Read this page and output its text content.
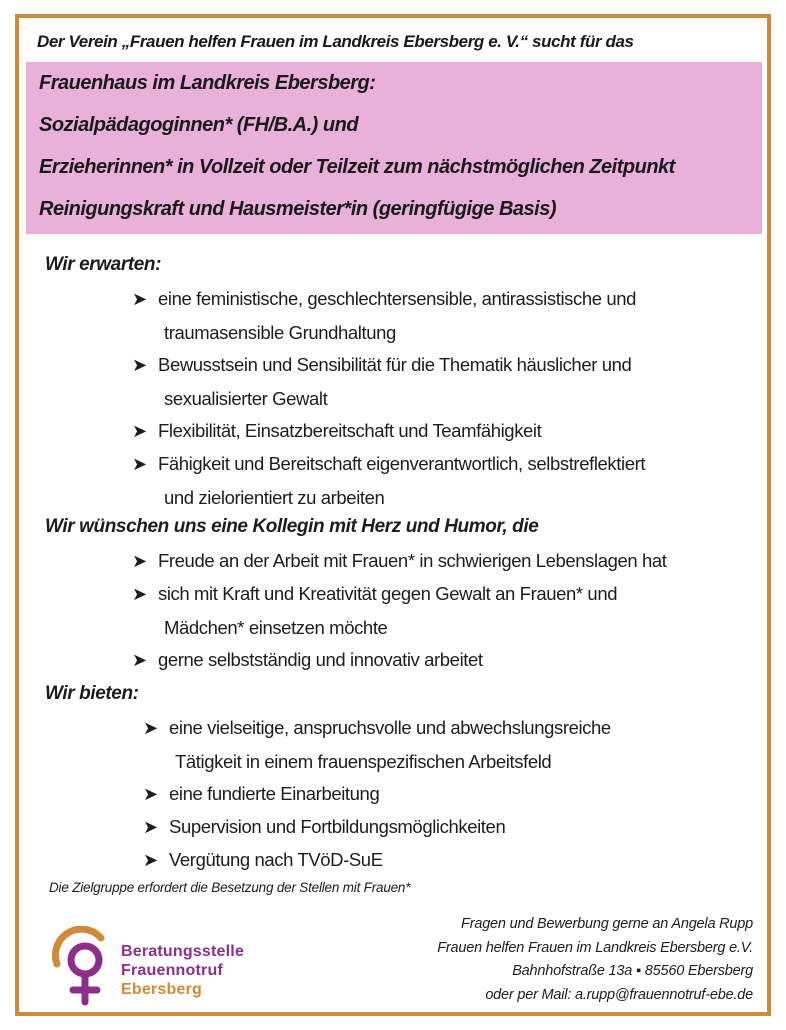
Der Verein „Frauen helfen Frauen im Landkreis Ebersberg e. V.“ sucht für das
Frauenhaus im Landkreis Ebersberg:
Sozialpädagoginnen* (FH/B.A.) und
Erzieherinnen* in Vollzeit oder Teilzeit zum nächstmöglichen Zeitpunkt
Reinigungskraft und Hausmeister*in (geringfügige Basis)
Wir erwarten:
➤ eine feministische, geschlechtersensible, antirassistische und
traumasensible Grundhaltung
➤ Bewusstsein und Sensibilität für die Thematik häuslicher und
sexualisierter Gewalt
➤ Flexibilität, Einsatzbereitschaft und Teamfähigkeit
➤ Fähigkeit und Bereitschaft eigenverantwortlich, selbstreflektiert
und zielorientiert zu arbeiten
Wir wünschen uns eine Kollegin mit Herz und Humor, die
➤ Freude an der Arbeit mit Frauen* in schwierigen Lebenslagen hat
➤ sich mit Kraft und Kreativität gegen Gewalt an Frauen* und
Mädchen* einsetzen möchte
➤ gerne selbstständig und innovativ arbeitet
Wir bieten:
➤ eine vielseitige, anspruchsvolle und abwechslungsreiche
Tätigkeit in einem frauenspezifischen Arbeitsfeld
➤ eine fundierte Einarbeitung
➤ Supervision und Fortbildungsmöglichkeiten
➤ Vergütung nach TVöD-SuE
Die Zielgruppe erfordert die Besetzung der Stellen mit Frauen*
Beratungsstelle
Frauennotruf
Ebersberg
Fragen und Bewerbung gerne an Angela Rupp
Frauen helfen Frauen im Landkreis Ebersberg e.V.
Bahnhofstraße 13a ▪ 85560 Ebersberg
oder per Mail: a.rupp@frauennotruf-ebe.de
